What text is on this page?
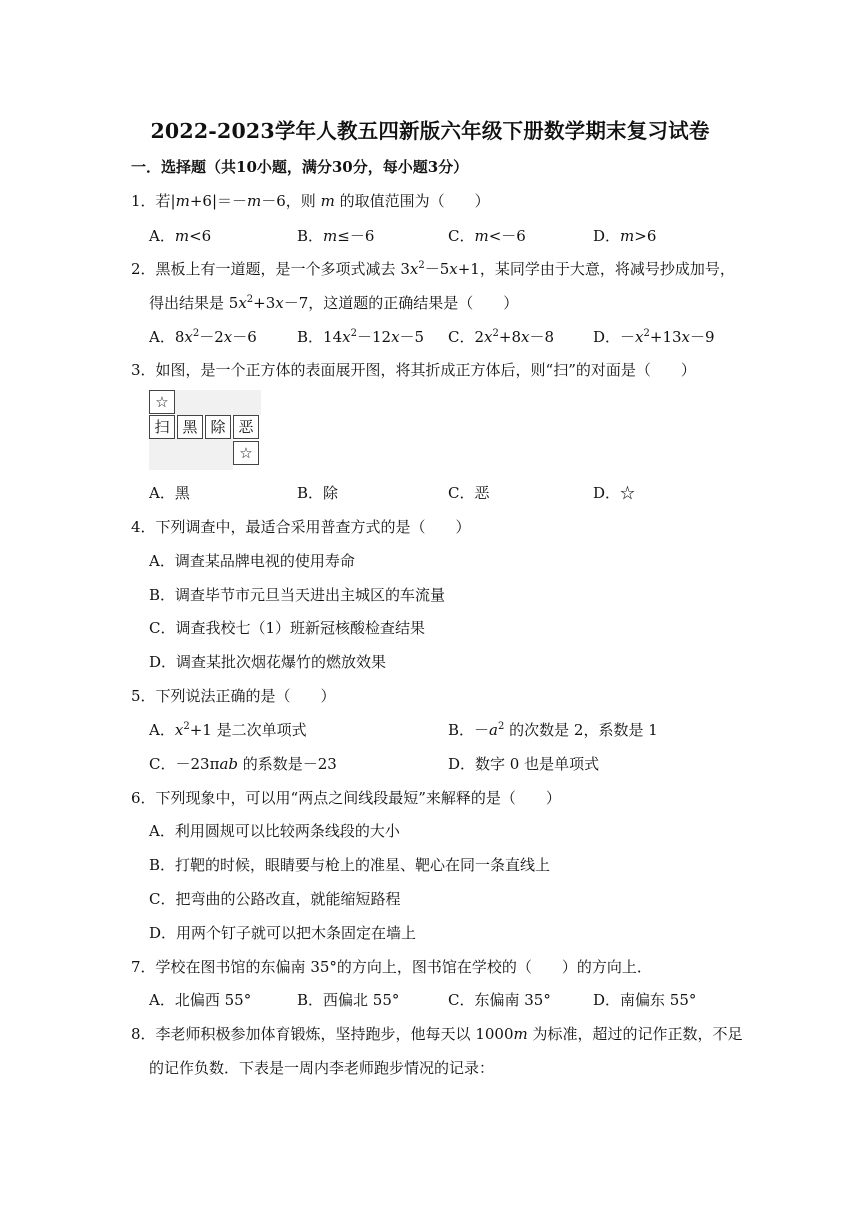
2022-2023学年人教五四新版六年级下册数学期末复习试卷
一．选择题（共10小题，满分30分，每小题3分）
1．若|m+6|＝－m－6，则 m 的取值范围为（　　）
A．m<6	B．m≤－6	C．m<－6	D．m>6
2．黑板上有一道题，是一个多项式减去 $3x^2-5x+1$，某同学由于大意，将减号抄成加号，
得出结果是 $5x^2+3x-7$，这道题的正确结果是（　　）
A．$8x^2-2x-6$	B．$14x^2-12x-5$ C．$2x^2+8x-8$	D．$-x^2+13x-9$
3．如图，是一个正方体的表面展开图，将其折成正方体后，则“扫”的对面是（　　）
☆
扫 黑 除 恶
☆
A．黑	B．除	C．恶	D．☆
4．下列调查中，最适合采用普查方式的是（　　）
A．调查某品牌电视的使用寿命
B．调查毕节市元旦当天进出主城区的车流量
C．调查我校七（1）班新冠核酸检查结果
D．调查某批次烟花爆竹的燃放效果
5．下列说法正确的是（　　）
A．$x^2+1$ 是二次单项式	B．$-a^2$ 的次数是 2，系数是 1
C．－23πab 的系数是－23	D．数字 0 也是单项式
6．下列现象中，可以用“两点之间线段最短”来解释的是（　　）
A．利用圆规可以比较两条线段的大小
B．打靶的时候，眼睛要与枪上的准星、靶心在同一条直线上
C．把弯曲的公路改直，就能缩短路程
D．用两个钉子就可以把木条固定在墙上
7．学校在图书馆的东偏南 35°的方向上，图书馆在学校的（　　）的方向上．
A．北偏西 55°	B．西偏北 55°	C．东偏南 35°	D．南偏东 55°
8．李老师积极参加体育锻炼，坚持跑步，他每天以 1000m 为标准，超过的记作正数，不足
的记作负数．下表是一周内李老师跑步情况的记录：
